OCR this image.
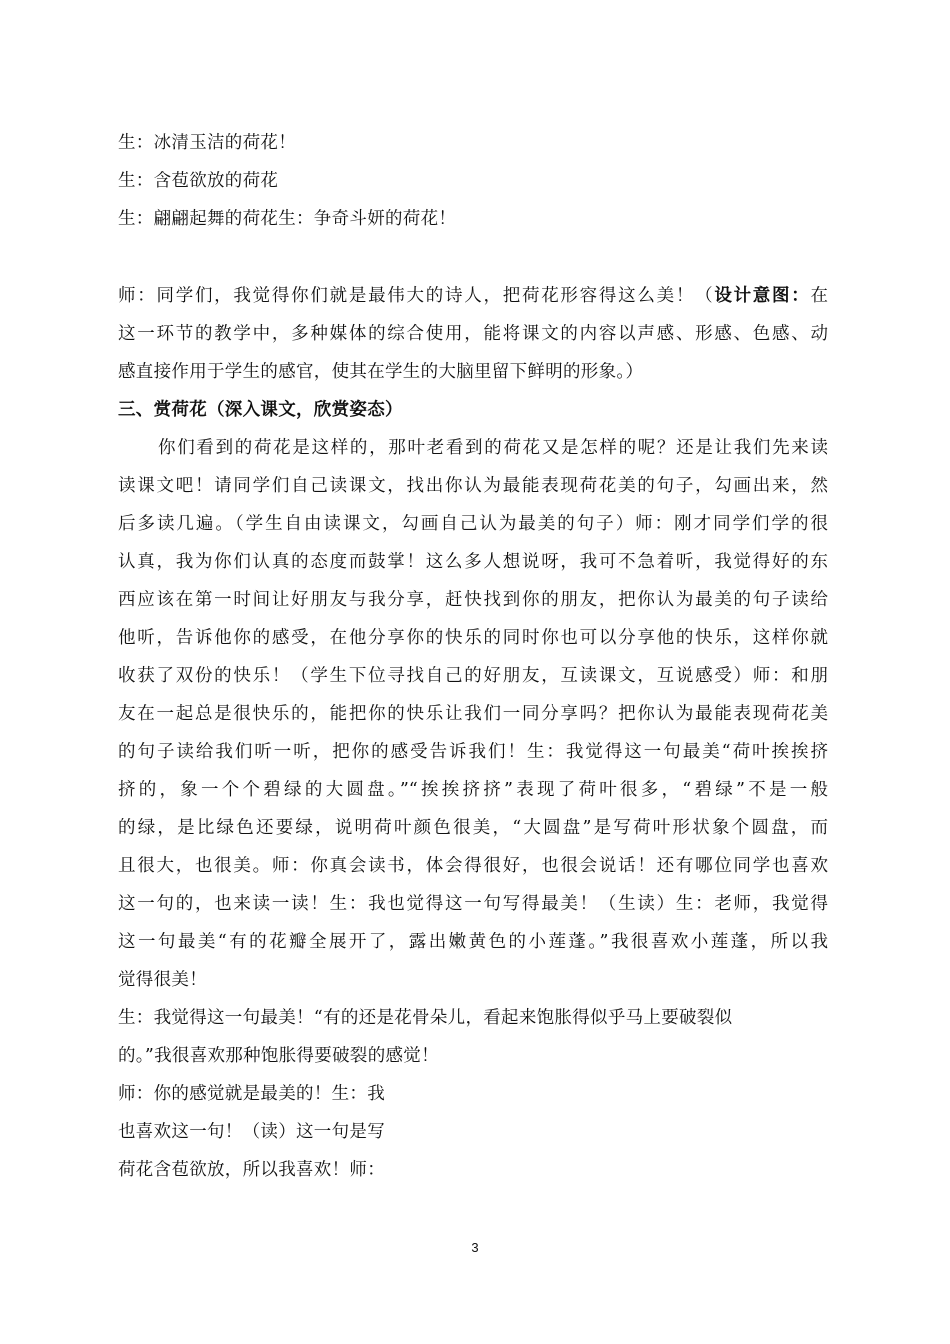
生：冰清玉洁的荷花！
生：含苞欲放的荷花
生：翩翩起舞的荷花生：争奇斗妍的荷花！
师：同学们，我觉得你们就是最伟大的诗人，把荷花形容得这么美！（设计意图：在
这一环节的教学中，多种媒体的综合使用，能将课文的内容以声感、形感、色感、动
感直接作用于学生的感官，使其在学生的大脑里留下鲜明的形象。）
三、赏荷花（深入课文，欣赏姿态）
你们看到的荷花是这样的，那叶老看到的荷花又是怎样的呢？还是让我们先来读
读课文吧！请同学们自己读课文，找出你认为最能表现荷花美的句子，勾画出来，然
后多读几遍。（学生自由读课文，勾画自己认为最美的句子）师：刚才同学们学的很
认真，我为你们认真的态度而鼓掌！这么多人想说呀，我可不急着听，我觉得好的东
西应该在第一时间让好朋友与我分享，赶快找到你的朋友，把你认为最美的句子读给
他听，告诉他你的感受，在他分享你的快乐的同时你也可以分享他的快乐，这样你就
收获了双份的快乐！（学生下位寻找自己的好朋友，互读课文，互说感受）师：和朋
友在一起总是很快乐的，能把你的快乐让我们一同分享吗？把你认为最能表现荷花美
的句子读给我们听一听，把你的感受告诉我们！生：我觉得这一句最美“荷叶挨挨挤
挤的，象一个个碧绿的大圆盘。”“挨挨挤挤”表现了荷叶很多，“碧绿”不是一般
的绿，是比绿色还要绿，说明荷叶颜色很美，“大圆盘”是写荷叶形状象个圆盘，而
且很大，也很美。师：你真会读书，体会得很好，也很会说话！还有哪位同学也喜欢
这一句的，也来读一读！生：我也觉得这一句写得最美！（生读）生：老师，我觉得
这一句最美“有的花瓣全展开了，露出嫩黄色的小莲蓬。”我很喜欢小莲蓬，所以我
觉得很美！
生：我觉得这一句最美！“有的还是花骨朵儿，看起来饱胀得似乎马上要破裂似
的。”我很喜欢那种饱胀得要破裂的感觉！
师：你的感觉就是最美的！生：我
也喜欢这一句！（读）这一句是写
荷花含苞欲放，所以我喜欢！师：
3
